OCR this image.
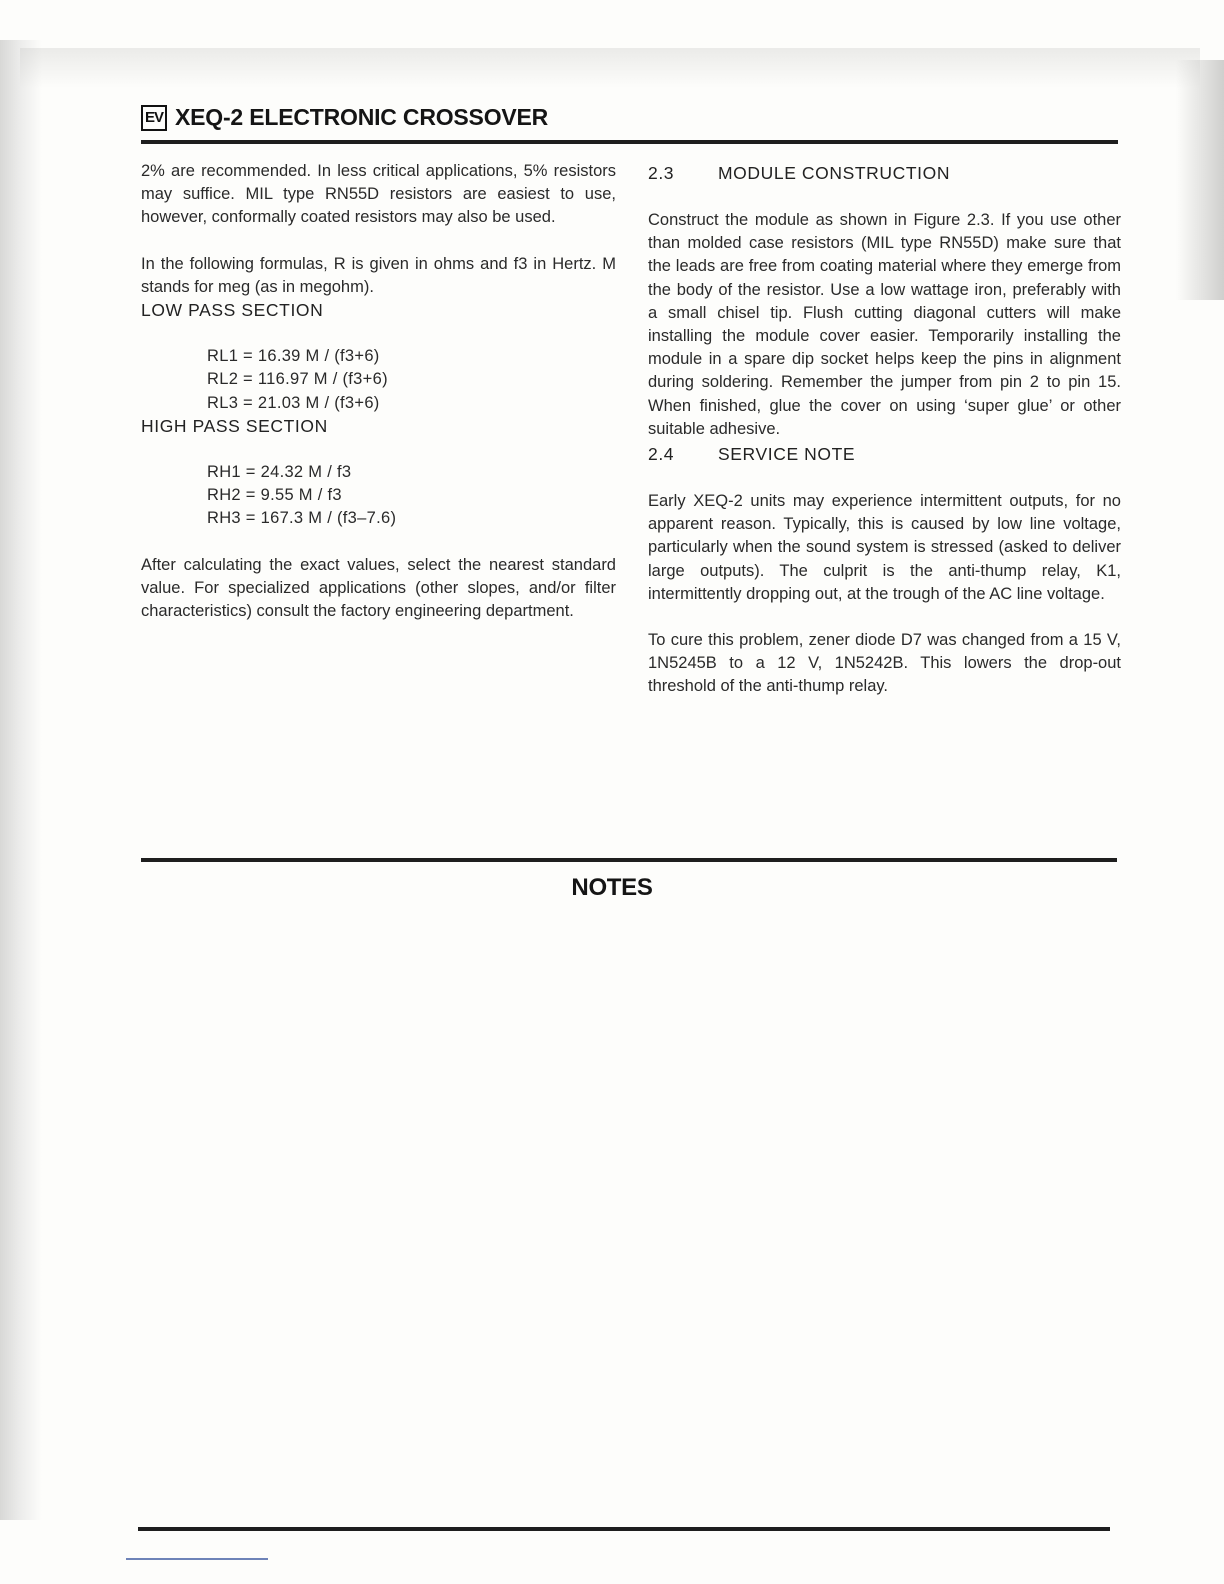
EV XEQ-2 ELECTRONIC CROSSOVER

2% are recommended. In less critical applications, 5% resistors may suffice. MIL type RN55D resistors are easiest to use, however, conformally coated resistors may also be used.

In the following formulas, R is given in ohms and f3 in Hertz. M stands for meg (as in megohm).

LOW PASS SECTION

RL1 = 16.39 M / (f3+6)

RL2 = 116.97 M / (f3+6)

RL3 = 21.03 M / (f3+6)

HIGH PASS SECTION

RH1 = 24.32 M / f3

RH2 = 9.55 M / f3

RH3 = 167.3 M / (f3–7.6)

After calculating the exact values, select the nearest standard value. For specialized applications (other slopes, and/or filter characteristics) consult the factory engineering department.

2.3	MODULE CONSTRUCTION

Construct the module as shown in Figure 2.3. If you use other than molded case resistors (MIL type RN55D) make sure that the leads are free from coating material where they emerge from the body of the resistor. Use a low wattage iron, preferably with a small chisel tip. Flush cutting diagonal cutters will make installing the module cover easier. Temporarily installing the module in a spare dip socket helps keep the pins in alignment during soldering. Remember the jumper from pin 2 to pin 15. When finished, glue the cover on using ‘super glue’ or other suitable adhesive.

2.4	SERVICE NOTE

Early XEQ-2 units may experience intermittent outputs, for no apparent reason. Typically, this is caused by low line voltage, particularly when the sound system is stressed (asked to deliver large outputs). The culprit is the anti-thump relay, K1, intermittently dropping out, at the trough of the AC line voltage.

To cure this problem, zener diode D7 was changed from a 15 V, 1N5245B to a 12 V, 1N5242B. This lowers the drop-out threshold of the anti-thump relay.

NOTES
